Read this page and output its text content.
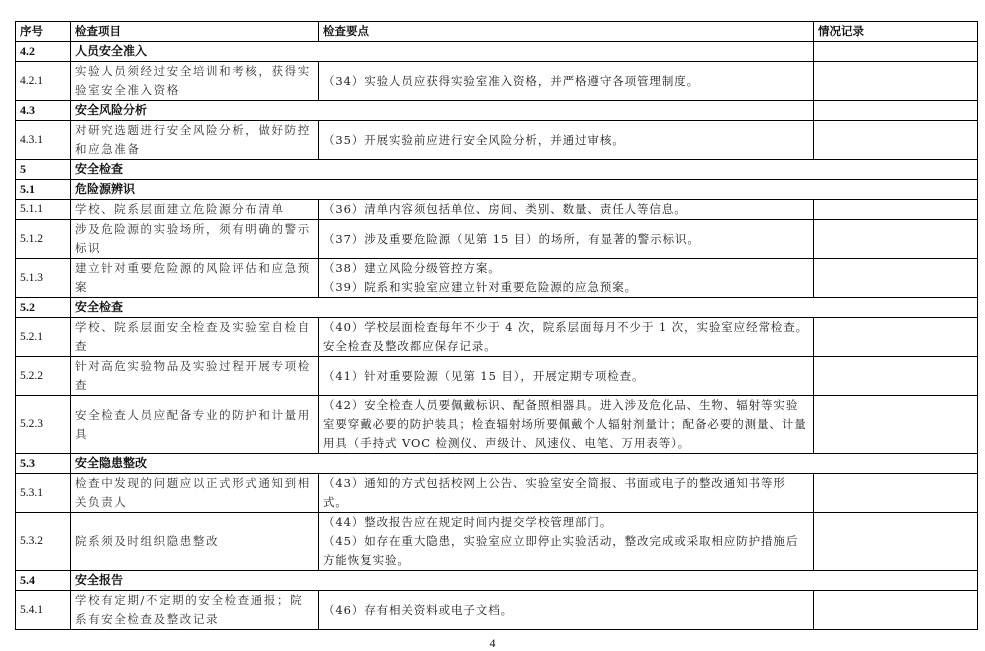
序号	检查项目	检查要点	情况记录
4.2	人员安全准入		
4.2.1	实验人员须经过安全培训和考核，获得实验室安全准入资格	（34）实验人员应获得实验室准入资格，并严格遵守各项管理制度。	

4.3	安全风险分析		
4.3.1	对研究选题进行安全风险分析，做好防控和应急准备	（35）开展实验前应进行安全风险分析，并通过审核。	

5	安全检查		
5.1	危险源辨识		
5.1.1	学校、院系层面建立危险源分布清单	（36）清单内容须包括单位、房间、类别、数量、责任人等信息。	

5.1.2	涉及危险源的实验场所，须有明确的警示标识	（37）涉及重要危险源（见第 15 目）的场所，有显著的警示标识。	

5.1.3	建立针对重要危险源的风险评估和应急预案	（38）建立风险分级管控方案。
（39）院系和实验室应建立针对重要危险源的应急预案。	

5.2	安全检查		
5.2.1	学校、院系层面安全检查及实验室自检自查	（40）学校层面检查每年不少于 4 次，院系层面每月不少于 1 次，实验室应经常检查。安全检查及整改都应保存记录。	

5.2.2	针对高危实验物品及实验过程开展专项检查	（41）针对重要险源（见第 15 目），开展定期专项检查。	

5.2.3	安全检查人员应配备专业的防护和计量用具	（42）安全检查人员要佩戴标识、配备照相器具。进入涉及危化品、生物、辐射等实验室要穿戴必要的防护装具；检查辐射场所要佩戴个人辐射剂量计；配备必要的测量、计量用具（手持式 VOC 检测仪、声级计、风速仪、电笔、万用表等）。	

5.3	安全隐患整改		
5.3.1	检查中发现的问题应以正式形式通知到相关负责人	（43）通知的方式包括校网上公告、实验室安全简报、书面或电子的整改通知书等形式。	

5.3.2	院系须及时组织隐患整改	（44）整改报告应在规定时间内提交学校管理部门。
（45）如存在重大隐患，实验室应立即停止实验活动，整改完成或采取相应防护措施后方能恢复实验。	

5.4	安全报告		
5.4.1	学校有定期/不定期的安全检查通报；院系有安全检查及整改记录	（46）存有相关资料或电子文档。	

4
